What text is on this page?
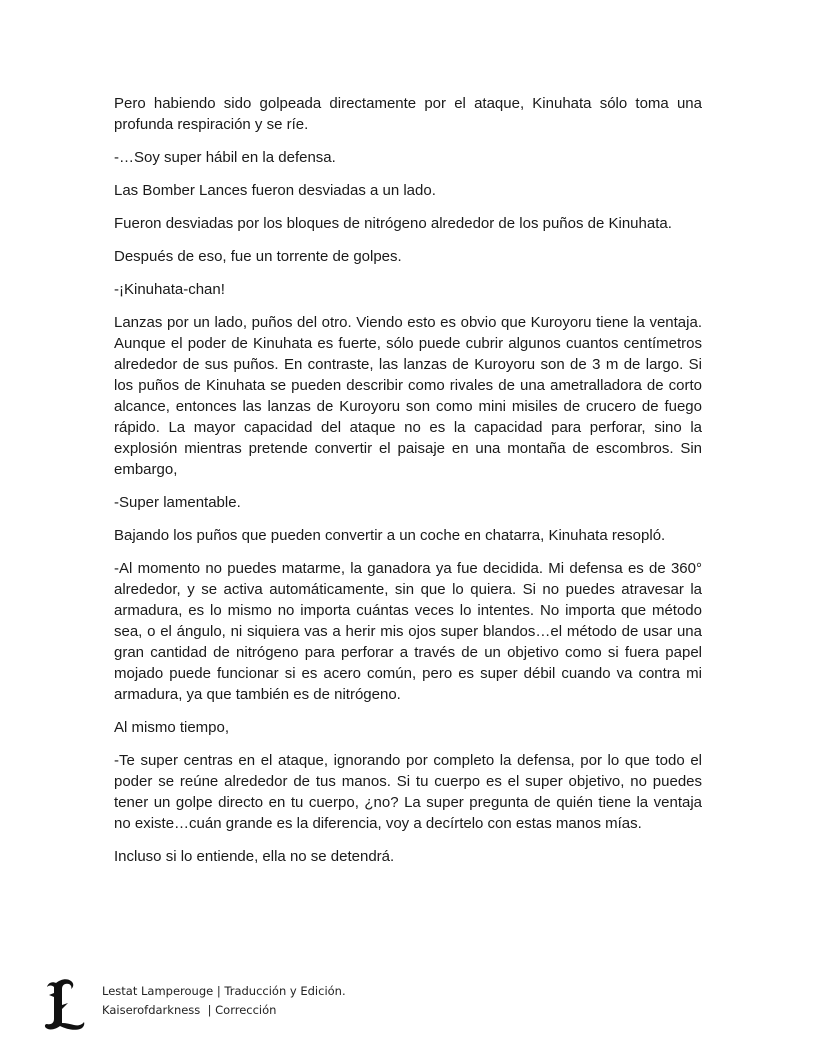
Pero habiendo sido golpeada directamente por el ataque, Kinuhata sólo toma una profunda respiración y se ríe.

-…Soy super hábil en la defensa.

Las Bomber Lances fueron desviadas a un lado.

Fueron desviadas por los bloques de nitrógeno alrededor de los puños de Kinuhata.

Después de eso, fue un torrente de golpes.

-¡Kinuhata-chan!

Lanzas por un lado, puños del otro. Viendo esto es obvio que Kuroyoru tiene la ventaja. Aunque el poder de Kinuhata es fuerte, sólo puede cubrir algunos cuantos centímetros alrededor de sus puños. En contraste, las lanzas de Kuroyoru son de 3 m de largo. Si los puños de Kinuhata se pueden describir como rivales de una ametralladora de corto alcance, entonces las lanzas de Kuroyoru son como mini misiles de crucero de fuego rápido. La mayor capacidad del ataque no es la capacidad para perforar, sino la explosión mientras pretende convertir el paisaje en una montaña de escombros. Sin embargo,

-Super lamentable.

Bajando los puños que pueden convertir a un coche en chatarra, Kinuhata resopló.

-Al momento no puedes matarme, la ganadora ya fue decidida. Mi defensa es de 360° alrededor, y se activa automáticamente, sin que lo quiera. Si no puedes atravesar la armadura, es lo mismo no importa cuántas veces lo intentes. No importa que método sea, o el ángulo, ni siquiera vas a herir mis ojos super blandos…el método de usar una gran cantidad de nitrógeno para perforar a través de un objetivo como si fuera papel mojado puede funcionar si es acero común, pero es super débil cuando va contra mi armadura, ya que también es de nitrógeno.

Al mismo tiempo,

-Te super centras en el ataque, ignorando por completo la defensa, por lo que todo el poder se reúne alrededor de tus manos. Si tu cuerpo es el super objetivo, no puedes tener un golpe directo en tu cuerpo, ¿no? La super pregunta de quién tiene la ventaja no existe…cuán grande es la diferencia, voy a decírtelo con estas manos mías.

Incluso si lo entiende, ella no se detendrá.

Lestat Lamperouge | Traducción y Edición.
Kaiserofdarkness  | Corrección
